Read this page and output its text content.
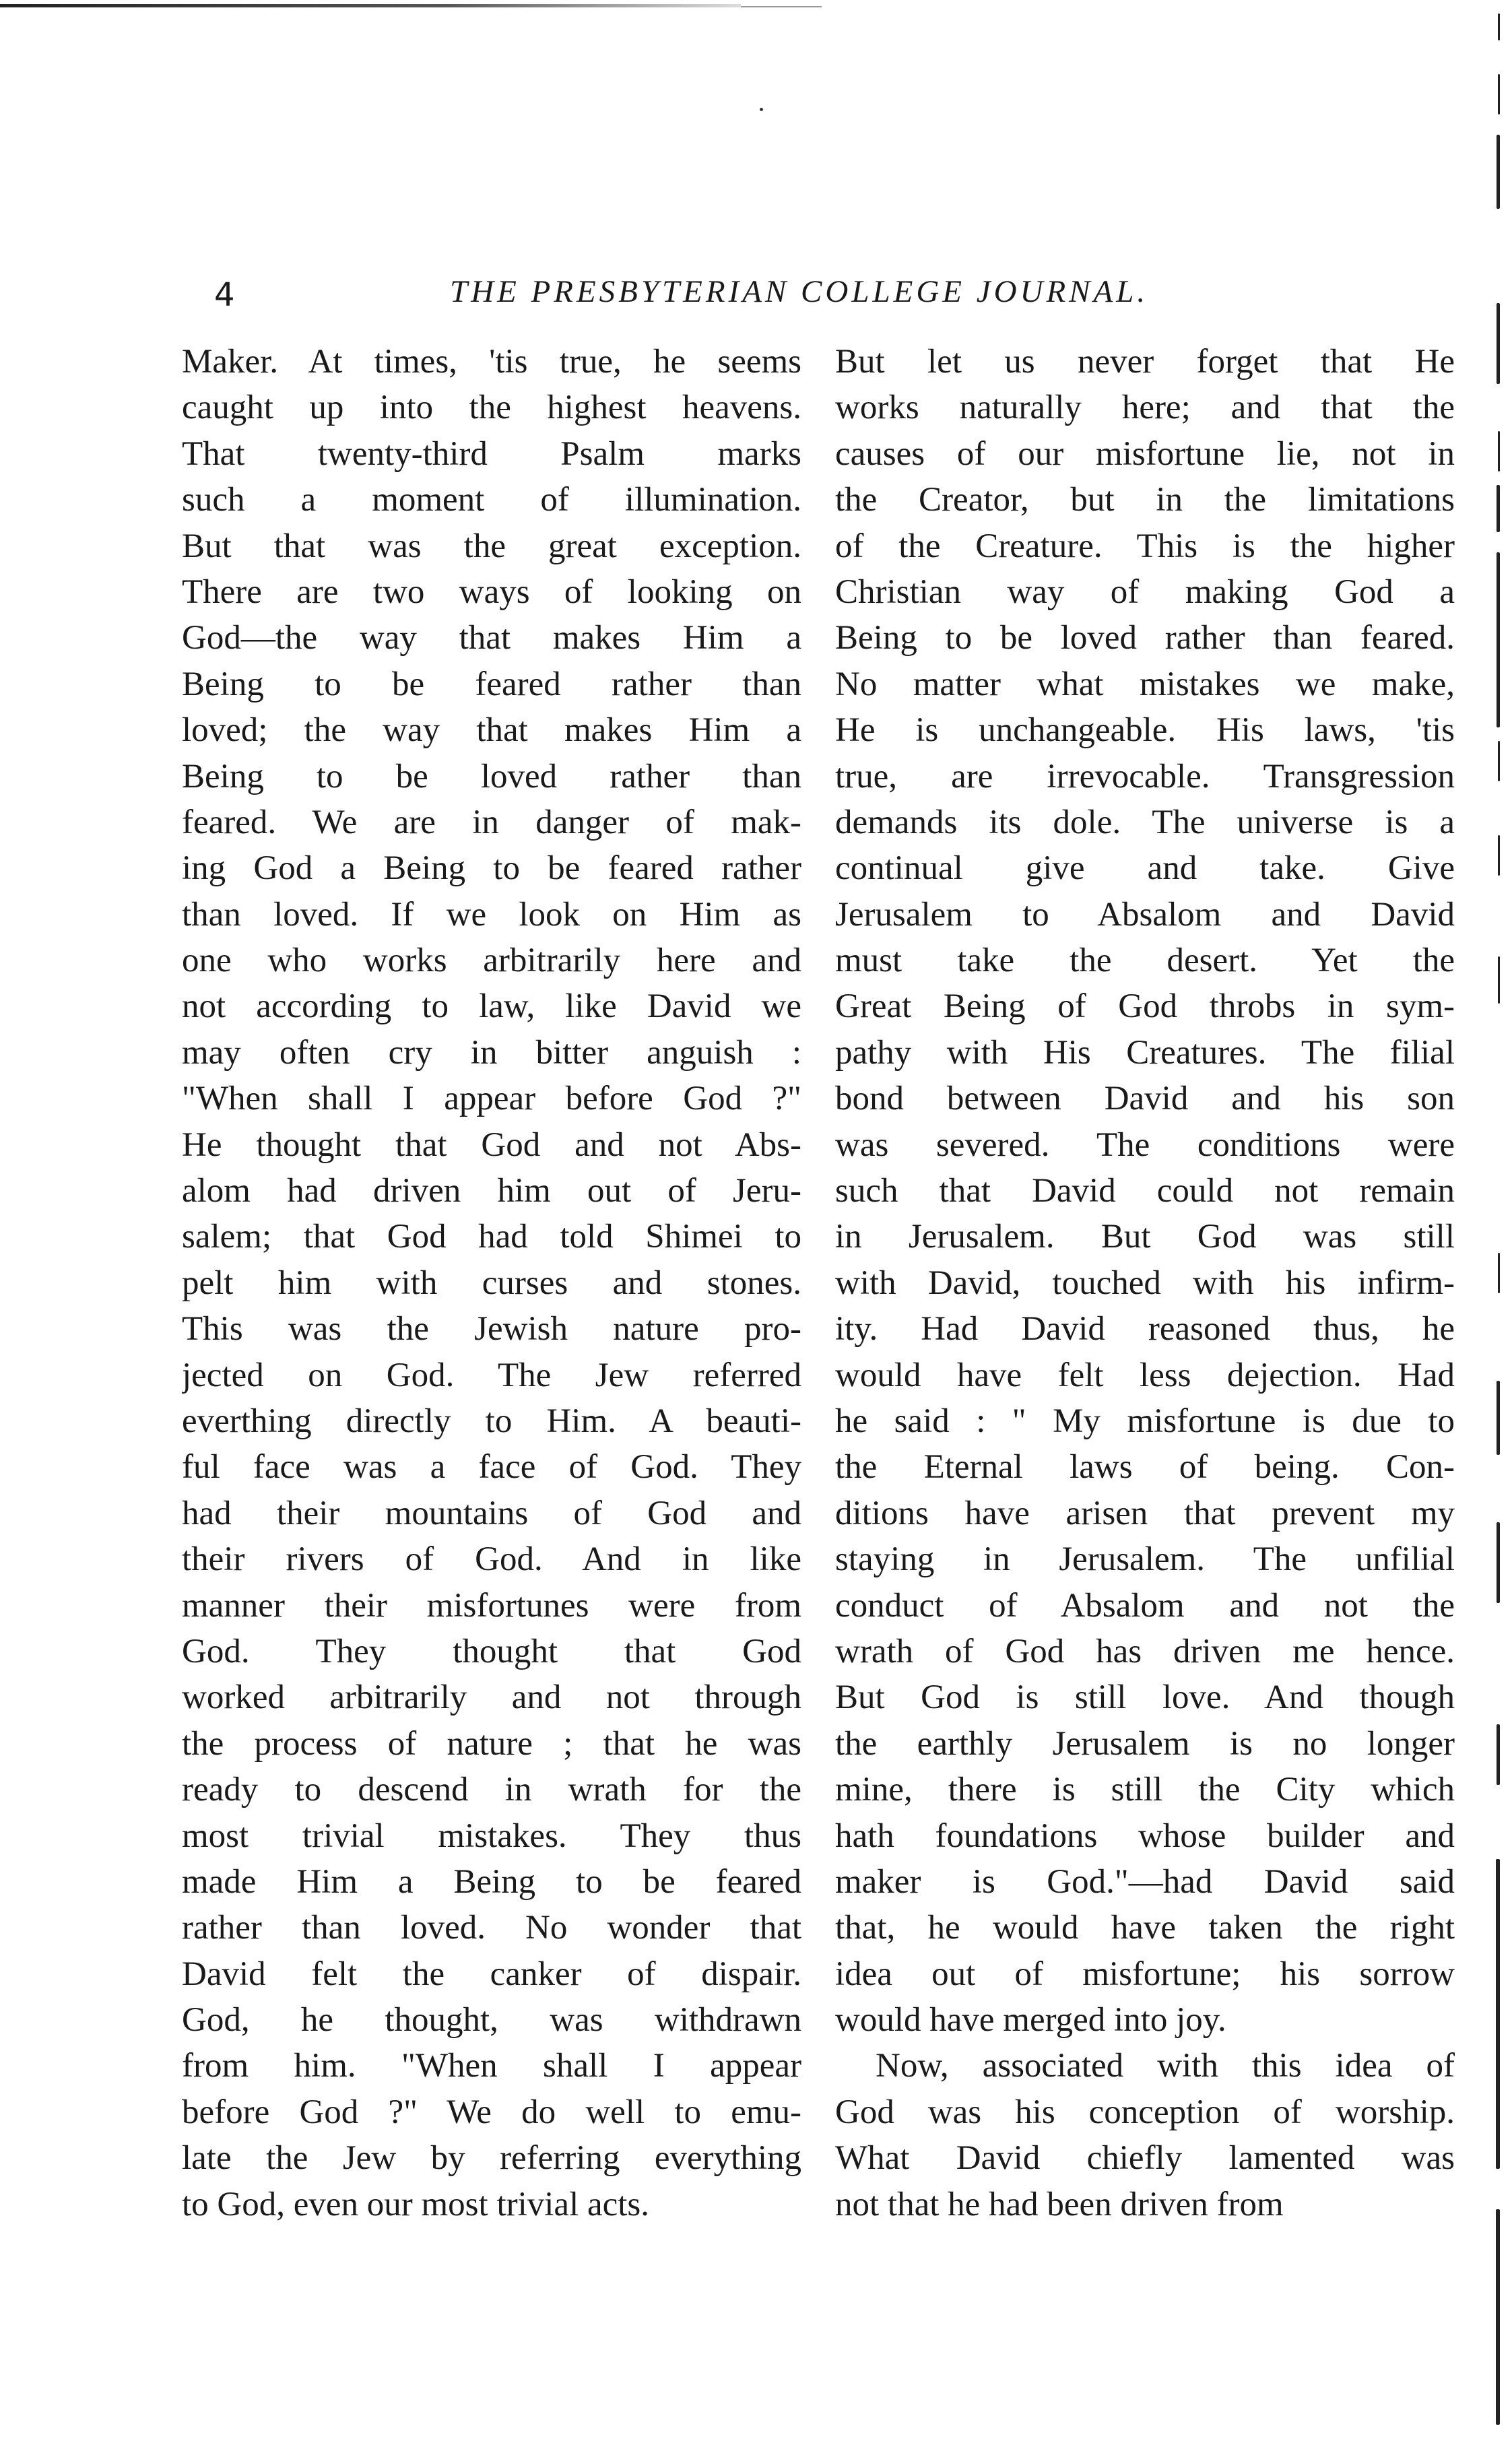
4	THE PRESBYTERIAN COLLEGE JOURNAL.
Maker. At times, 'tis true, he seems
caught up into the highest heavens.
That twenty-third Psalm marks
such a moment of illumination.
But that was the great exception.
There are two ways of looking on
God—the way that makes Him a
Being to be feared rather than
loved; the way that makes Him a
Being to be loved rather than
feared. We are in danger of mak-
ing God a Being to be feared rather
than loved. If we look on Him as
one who works arbitrarily here and
not according to law, like David we
may often cry in bitter anguish :
"When shall I appear before God ?"
He thought that God and not Abs-
alom had driven him out of Jeru-
salem; that God had told Shimei to
pelt him with curses and stones.
This was the Jewish nature pro-
jected on God. The Jew referred
everthing directly to Him. A beauti-
ful face was a face of God. They
had their mountains of God and
their rivers of God. And in like
manner their misfortunes were from
God. They thought that God
worked arbitrarily and not through
the process of nature ; that he was
ready to descend in wrath for the
most trivial mistakes. They thus
made Him a Being to be feared
rather than loved. No wonder that
David felt the canker of dispair.
God, he thought, was withdrawn
from him. "When shall I appear
before God ?" We do well to emu-
late the Jew by referring everything
to God, even our most trivial acts.
But let us never forget that He
works naturally here; and that the
causes of our misfortune lie, not in
the Creator, but in the limitations
of the Creature. This is the higher
Christian way of making God a
Being to be loved rather than feared.
No matter what mistakes we make,
He is unchangeable. His laws, 'tis
true, are irrevocable. Transgression
demands its dole. The universe is a
continual give and take. Give
Jerusalem to Absalom and David
must take the desert. Yet the
Great Being of God throbs in sym-
pathy with His Creatures. The filial
bond between David and his son
was severed. The conditions were
such that David could not remain
in Jerusalem. But God was still
with David, touched with his infirm-
ity. Had David reasoned thus, he
would have felt less dejection. Had
he said : " My misfortune is due to
the Eternal laws of being. Con-
ditions have arisen that prevent my
staying in Jerusalem. The unfilial
conduct of Absalom and not the
wrath of God has driven me hence.
But God is still love. And though
the earthly Jerusalem is no longer
mine, there is still the City which
hath foundations whose builder and
maker is God."—had David said
that, he would have taken the right
idea out of misfortune; his sorrow
would have merged into joy.
Now, associated with this idea of
God was his conception of worship.
What David chiefly lamented was
not that he had been driven from
